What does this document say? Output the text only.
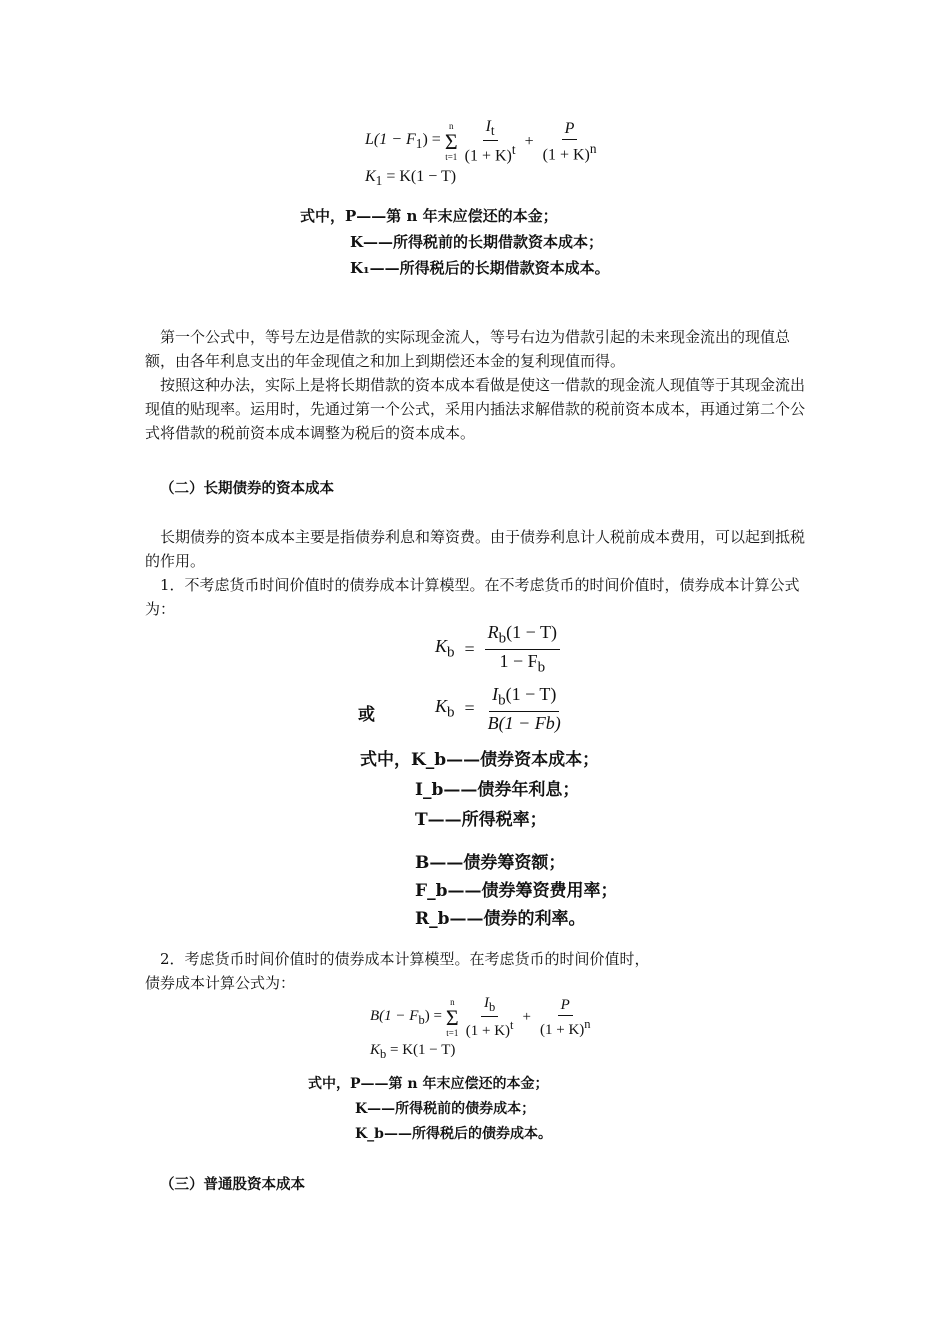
$L(1 - F_1)$ =
n
Σ
$t=1 \frac{I_t}{(1 + K)^t} + \frac{P}{(1 + K)^n}$
$K_1 = K(1 - T)$
式中，P——第 n 年末应偿还的本金；
K——所得税前的长期借款资本成本；
K₁——所得税后的长期借款资本成本。
第一个公式中，等号左边是借款的实际现金流人，等号右边为借款引起的未来现金流出的现值总额，由各年利息支出的年金现值之和加上到期偿还本金的复利现值而得。
按照这种办法，实际上是将长期借款的资本成本看做是使这一借款的现金流人现值等于其现金流出现值的贴现率。运用时，先通过第一个公式，采用内插法求解借款的税前资本成本，再通过第二个公式将借款的税前资本成本调整为税后的资本成本。
（二）长期债券的资本成本
长期债券的资本成本主要是指债券利息和筹资费。由于债券利息计人税前成本费用，可以起到抵税的作用。
1．不考虑货币时间价值时的债券成本计算模型。在不考虑货币的时间价值时，债券成本计算公式为：
$K_b = \frac{R_b(1 - T)}{1 - F_b}$
或	$K_b = \frac{I_b(1 - T)}{B(1 - Fb)}$
式中，K_b——债券资本成本；
I_b——债券年利息；
T——所得税率；
B——债券筹资额；
F_b——债券筹资费用率；
R_b——债券的利率。
2．考虑货币时间价值时的债券成本计算模型。在考虑货币的时间价值时，
债券成本计算公式为：
$B(1 - F_b)$ =
n
Σ
$t=1 \frac{I_b}{(1 + K)^t} + \frac{P}{(1 + K)^n}$
$K_b = K(1 - T)$
式中，P——第 n 年末应偿还的本金；
K——所得税前的债券成本；
K_b——所得税后的债券成本。
（三）普通股资本成本
